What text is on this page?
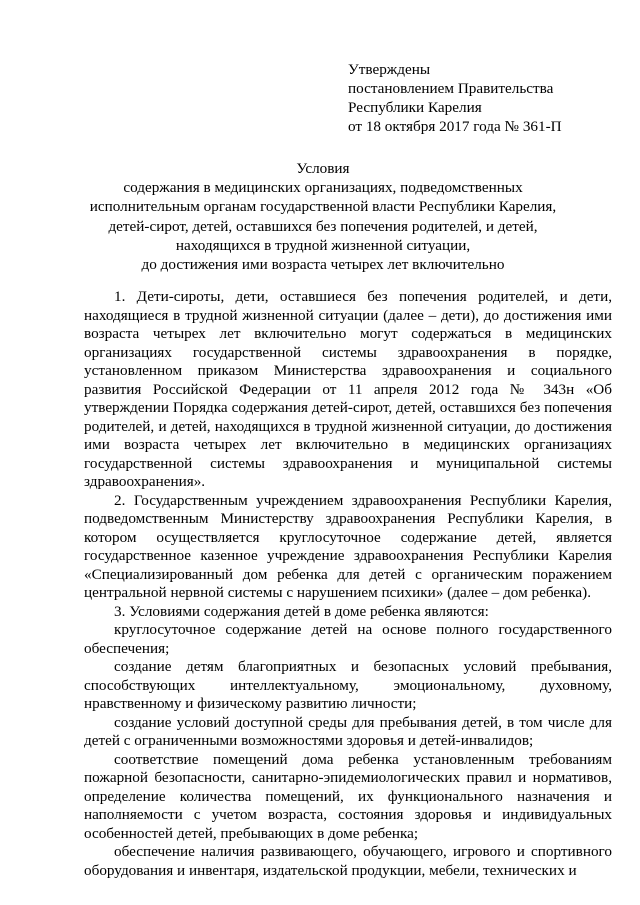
Утверждены
постановлением Правительства
Республики Карелия
от 18 октября 2017 года № 361-П
Условия
содержания в медицинских организациях, подведомственных
исполнительным органам государственной власти Республики Карелия,
детей-сирот, детей, оставшихся без попечения родителей, и детей,
находящихся в трудной жизненной ситуации,
до достижения ими возраста четырех лет включительно

1. Дети-сироты, дети, оставшиеся без попечения родителей, и дети, находящиеся в трудной жизненной ситуации (далее – дети), до достижения ими возраста четырех лет включительно могут содержаться в медицинских организациях государственной системы здравоохранения в порядке, установленном приказом Министерства здравоохранения и социального развития Российской Федерации от 11 апреля 2012 года № 343н «Об утверждении Порядка содержания детей-сирот, детей, оставшихся без попечения родителей, и детей, находящихся в трудной жизненной ситуации, до достижения ими возраста четырех лет включительно в медицинских организациях государственной системы здравоохранения и муниципальной системы здравоохранения».

2. Государственным учреждением здравоохранения Республики Карелия, подведомственным Министерству здравоохранения Республики Карелия, в котором осуществляется круглосуточное содержание детей, является государственное казенное учреждение здравоохранения Республики Карелия «Специализированный дом ребенка для детей с органическим поражением центральной нервной системы с нарушением психики» (далее – дом ребенка).

3. Условиями содержания детей в доме ребенка являются:

круглосуточное содержание детей на основе полного государственного обеспечения;

создание детям благоприятных и безопасных условий пребывания, способствующих интеллектуальному, эмоциональному, духовному, нравственному и физическому развитию личности;

создание условий доступной среды для пребывания детей, в том числе для детей с ограниченными возможностями здоровья и детей-инвалидов;

соответствие помещений дома ребенка установленным требованиям пожарной безопасности, санитарно-эпидемиологических правил и нормативов, определение количества помещений, их функционального назначения и наполняемости с учетом возраста, состояния здоровья и индивидуальных особенностей детей, пребывающих в доме ребенка;

обеспечение наличия развивающего, обучающего, игрового и спортивного оборудования и инвентаря, издательской продукции, мебели, технических и
